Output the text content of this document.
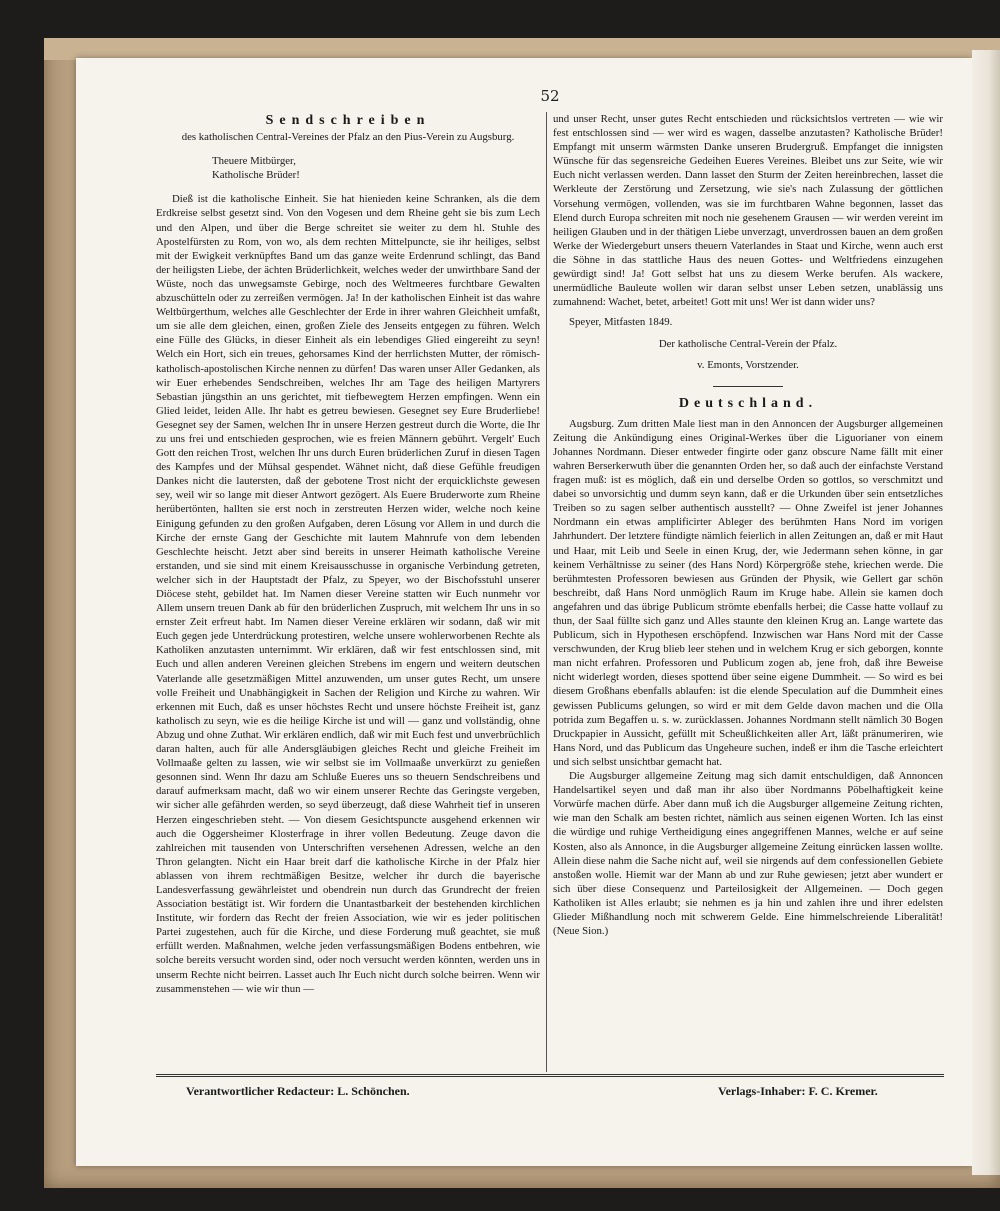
52
Sendschreiben
des katholischen Central-Vereines der Pfalz an den Pius-Verein zu Augsburg.

Theuere Mitbürger,

Katholische Brüder!

Dieß ist die katholische Einheit. Sie hat hienieden keine Schranken, als die dem Erdkreise selbst gesetzt sind. Von den Vogesen und dem Rheine geht sie bis zum Lech und den Alpen, und über die Berge schreitet sie weiter zu dem hl. Stuhle des Apostelfürsten zu Rom, von wo, als dem rechten Mittelpuncte, sie ihr heiliges, selbst mit der Ewigkeit verknüpftes Band um das ganze weite Erdenrund schlingt, das Band der heiligsten Liebe, der ächten Brüderlichkeit, welches weder der unwirthbare Sand der Wüste, noch das unwegsamste Gebirge, noch des Weltmeeres furchtbare Gewalten abzuschütteln oder zu zerreißen vermögen. Ja! In der katholischen Einheit ist das wahre Weltbürgerthum, welches alle Geschlechter der Erde in ihrer wahren Gleichheit umfaßt, um sie alle dem gleichen, einen, großen Ziele des Jenseits entgegen zu führen. Welch eine Fülle des Glücks, in dieser Einheit als ein lebendiges Glied eingereiht zu seyn! Welch ein Hort, sich ein treues, gehorsames Kind der herrlichsten Mutter, der römisch-katholisch-apostolischen Kirche nennen zu dürfen! Das waren unser Aller Gedanken, als wir Euer erhebendes Sendschreiben, welches Ihr am Tage des heiligen Martyrers Sebastian jüngsthin an uns gerichtet, mit tiefbewegtem Herzen empfingen. Wenn ein Glied leidet, leiden Alle. Ihr habt es getreu bewiesen. Gesegnet sey Eure Bruderliebe! Gesegnet sey der Samen, welchen Ihr in unsere Herzen gestreut durch die Worte, die Ihr zu uns frei und entschieden gesprochen, wie es freien Männern gebührt. Vergelt' Euch Gott den reichen Trost, welchen Ihr uns durch Euren brüderlichen Zuruf in diesen Tagen des Kampfes und der Mühsal gespendet. Wähnet nicht, daß diese Gefühle freudigen Dankes nicht die lautersten, daß der gebotene Trost nicht der erquicklichste gewesen sey, weil wir so lange mit dieser Antwort gezögert. Als Euere Bruderworte zum Rheine herübertönten, hallten sie erst noch in zerstreuten Herzen wider, welche noch keine Einigung gefunden zu den großen Aufgaben, deren Lösung vor Allem in und durch die Kirche der ernste Gang der Geschichte mit lautem Mahnrufe von dem lebenden Geschlechte heischt. Jetzt aber sind bereits in unserer Heimath katholische Vereine erstanden, und sie sind mit einem Kreisausschusse in organische Verbindung getreten, welcher sich in der Hauptstadt der Pfalz, zu Speyer, wo der Bischofsstuhl unserer Diöcese steht, gebildet hat. Im Namen dieser Vereine statten wir Euch nunmehr vor Allem unsern treuen Dank ab für den brüderlichen Zuspruch, mit welchem Ihr uns in so ernster Zeit erfreut habt. Im Namen dieser Vereine erklären wir sodann, daß wir mit Euch gegen jede Unterdrückung protestiren, welche unsere wohlerworbenen Rechte als Katholiken anzutasten unternimmt. Wir erklären, daß wir fest entschlossen sind, mit Euch und allen anderen Vereinen gleichen Strebens im engern und weitern deutschen Vaterlande alle gesetzmäßigen Mittel anzuwenden, um unser gutes Recht, um unsere volle Freiheit und Unabhängigkeit in Sachen der Religion und Kirche zu wahren. Wir erkennen mit Euch, daß es unser höchstes Recht und unsere höchste Freiheit ist, ganz katholisch zu seyn, wie es die heilige Kirche ist und will — ganz und vollständig, ohne Abzug und ohne Zuthat. Wir erklären endlich, daß wir mit Euch fest und unverbrüchlich daran halten, auch für alle Andersgläubigen gleiches Recht und gleiche Freiheit im Vollmaaße gelten zu lassen, wie wir selbst sie im Vollmaaße unverkürzt zu genießen gesonnen sind. Wenn Ihr dazu am Schluße Eueres uns so theuern Sendschreibens und darauf aufmerksam macht, daß wo wir einem unserer Rechte das Geringste vergeben, wir sicher alle gefährden werden, so seyd überzeugt, daß diese Wahrheit tief in unseren Herzen eingeschrieben steht. — Von diesem Gesichtspuncte ausgehend erkennen wir auch die Oggersheimer Klosterfrage in ihrer vollen Bedeutung. Zeuge davon die zahlreichen mit tausenden von Unterschriften versehenen Adressen, welche an den Thron gelangten. Nicht ein Haar breit darf die katholische Kirche in der Pfalz hier ablassen von ihrem rechtmäßigen Besitze, welcher ihr durch die bayerische Landesverfassung gewährleistet und obendrein nun durch das Grundrecht der freien Association bestätigt ist. Wir fordern die Unantastbarkeit der bestehenden kirchlichen Institute, wir fordern das Recht der freien Association, wie wir es jeder politischen Partei zugestehen, auch für die Kirche, und diese Forderung muß geachtet, sie muß erfüllt werden. Maßnahmen, welche jeden verfassungsmäßigen Bodens entbehren, wie solche bereits versucht worden sind, oder noch versucht werden könnten, werden uns in unserm Rechte nicht beirren. Lasset auch Ihr Euch nicht durch solche beirren. Wenn wir zusammenstehen — wie wir thun —

und unser Recht, unser gutes Recht entschieden und rücksichtslos vertreten — wie wir fest entschlossen sind — wer wird es wagen, dasselbe anzutasten? Katholische Brüder! Empfangt mit unserm wärmsten Danke unseren Brudergruß. Empfanget die innigsten Wünsche für das segensreiche Gedeihen Eueres Vereines. Bleibet uns zur Seite, wie wir Euch nicht verlassen werden. Dann lasset den Sturm der Zeiten hereinbrechen, lasset die Werkleute der Zerstörung und Zersetzung, wie sie's nach Zulassung der göttlichen Vorsehung vermögen, vollenden, was sie im furchtbaren Wahne begonnen, lasset das Elend durch Europa schreiten mit noch nie gesehenem Grausen — wir werden vereint im heiligen Glauben und in der thätigen Liebe unverzagt, unverdrossen bauen an dem großen Werke der Wiedergeburt unsers theuern Vaterlandes in Staat und Kirche, wenn auch erst die Söhne in das stattliche Haus des neuen Gottes- und Weltfriedens einzugehen gewürdigt sind! Ja! Gott selbst hat uns zu diesem Werke berufen. Als wackere, unermüdliche Bauleute wollen wir daran selbst unser Leben setzen, unablässig uns zumahnend: Wachet, betet, arbeitet! Gott mit uns! Wer ist dann wider uns?

Speyer, Mitfasten 1849.

Der katholische Central-Verein der Pfalz.

v. Emonts, Vorstzender.

Deutschland.

Augsburg. Zum dritten Male liest man in den Annoncen der Augsburger allgemeinen Zeitung die Ankündigung eines Original-Werkes über die Liguorianer von einem Johannes Nordmann. Dieser entweder fingirte oder ganz obscure Name fällt mit einer wahren Berserkerwuth über die genannten Orden her, so daß auch der einfachste Verstand fragen muß: ist es möglich, daß ein und derselbe Orden so gottlos, so verschmitzt und dabei so unvorsichtig und dumm seyn kann, daß er die Urkunden über sein entsetzliches Treiben so zu sagen selber authentisch ausstellt? — Ohne Zweifel ist jener Johannes Nordmann ein etwas amplificirter Ableger des berühmten Hans Nord im vorigen Jahrhundert. Der letztere fündigte nämlich feierlich in allen Zeitungen an, daß er mit Haut und Haar, mit Leib und Seele in einen Krug, der, wie Jedermann sehen könne, in gar keinem Verhältnisse zu seiner (des Hans Nord) Körpergröße stehe, kriechen werde. Die berühmtesten Professoren bewiesen aus Gründen der Physik, wie Gellert gar schön beschreibt, daß Hans Nord unmöglich Raum im Kruge habe. Allein sie kamen doch angefahren und das übrige Publicum strömte ebenfalls herbei; die Casse hatte vollauf zu thun, der Saal füllte sich ganz und Alles staunte den kleinen Krug an. Lange wartete das Publicum, sich in Hypothesen erschöpfend. Inzwischen war Hans Nord mit der Casse verschwunden, der Krug blieb leer stehen und in welchem Krug er sich geborgen, konnte man nicht erfahren. Professoren und Publicum zogen ab, jene froh, daß ihre Beweise nicht widerlegt worden, dieses spottend über seine eigene Dummheit. — So wird es bei diesem Großhans ebenfalls ablaufen: ist die elende Speculation auf die Dummheit eines gewissen Publicums gelungen, so wird er mit dem Gelde davon machen und die Olla potrida zum Begaffen u. s. w. zurücklassen. Johannes Nordmann stellt nämlich 30 Bogen Druckpapier in Aussicht, gefüllt mit Scheußlichkeiten aller Art, läßt pränumeriren, wie Hans Nord, und das Publicum das Ungeheure suchen, indeß er ihm die Tasche erleichtert und sich selbst unsichtbar gemacht hat.

Die Augsburger allgemeine Zeitung mag sich damit entschuldigen, daß Annoncen Handelsartikel seyen und daß man ihr also über Nordmanns Pöbelhaftigkeit keine Vorwürfe machen dürfe. Aber dann muß ich die Augsburger allgemeine Zeitung richten, wie man den Schalk am besten richtet, nämlich aus seinen eigenen Worten. Ich las einst die würdige und ruhige Vertheidigung eines angegriffenen Mannes, welche er auf seine Kosten, also als Annonce, in die Augsburger allgemeine Zeitung einrücken lassen wollte. Allein diese nahm die Sache nicht auf, weil sie nirgends auf dem confessionellen Gebiete anstoßen wolle. Hiemit war der Mann ab und zur Ruhe gewiesen; jetzt aber wundert er sich über diese Consequenz und Parteilosigkeit der Allgemeinen. — Doch gegen Katholiken ist Alles erlaubt; sie nehmen es ja hin und zahlen ihre und ihrer edelsten Glieder Mißhandlung noch mit schwerem Gelde. Eine himmelschreiende Liberalität! (Neue Sion.)

Verantwortlicher Redacteur: L. Schönchen.	Verlags-Inhaber: F. C. Kremer.
